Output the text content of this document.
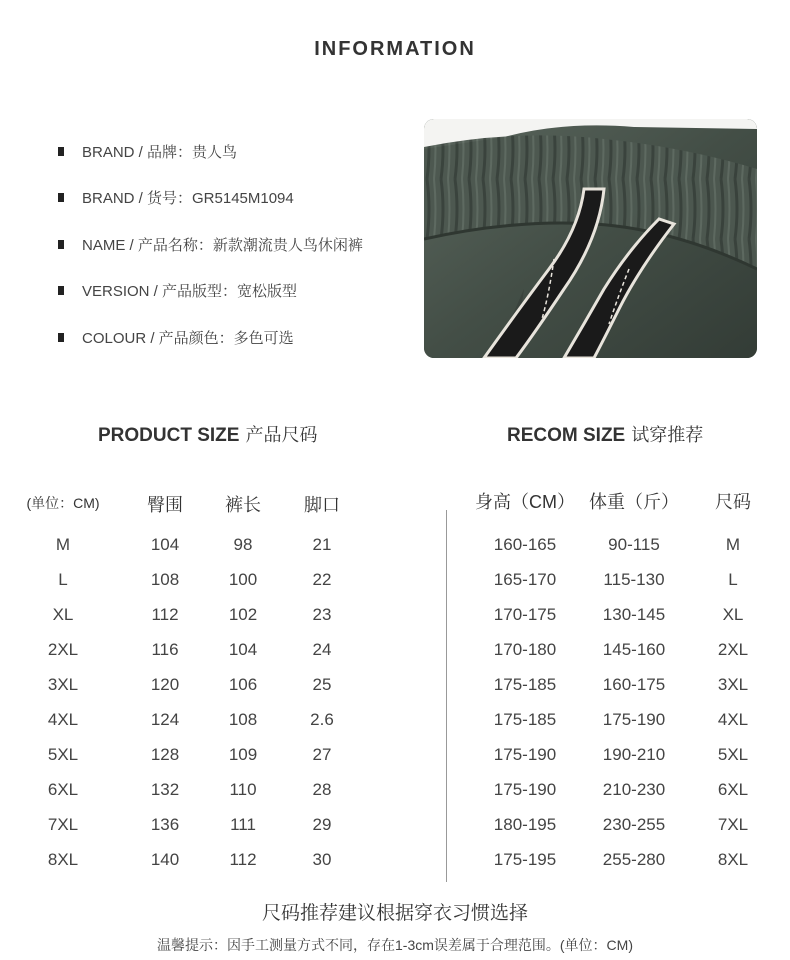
INFORMATION
BRAND / 品牌：贵人鸟
BRAND / 货号：GR5145M1094
NAME / 产品名称：新款潮流贵人鸟休闲裤
VERSION / 产品版型：宽松版型
COLOUR / 产品颜色：多色可选
PRODUCT SIZE 产品尺码	RECOM SIZE 试穿推荐
(单位：CM)	臀围	裤长	脚口
M	104	98	21
L	108	100	22
XL	112	102	23
2XL	116	104	24
3XL	120	106	25
4XL	124	108	2.6
5XL	128	109	27
6XL	132	110	28
7XL	136	111	29
8XL	140	112	30
身高（CM） 体重（斤）	尺码
160-165	90-115	M
165-170	115-130	L
170-175	130-145	XL
170-180	145-160	2XL
175-185	160-175	3XL
175-185	175-190	4XL
175-190	190-210	5XL
175-190	210-230	6XL
180-195	230-255	7XL
175-195	255-280	8XL
尺码推荐建议根据穿衣习惯选择
温馨提示：因手工测量方式不同，存在1-3cm误差属于合理范围。(单位：CM)
